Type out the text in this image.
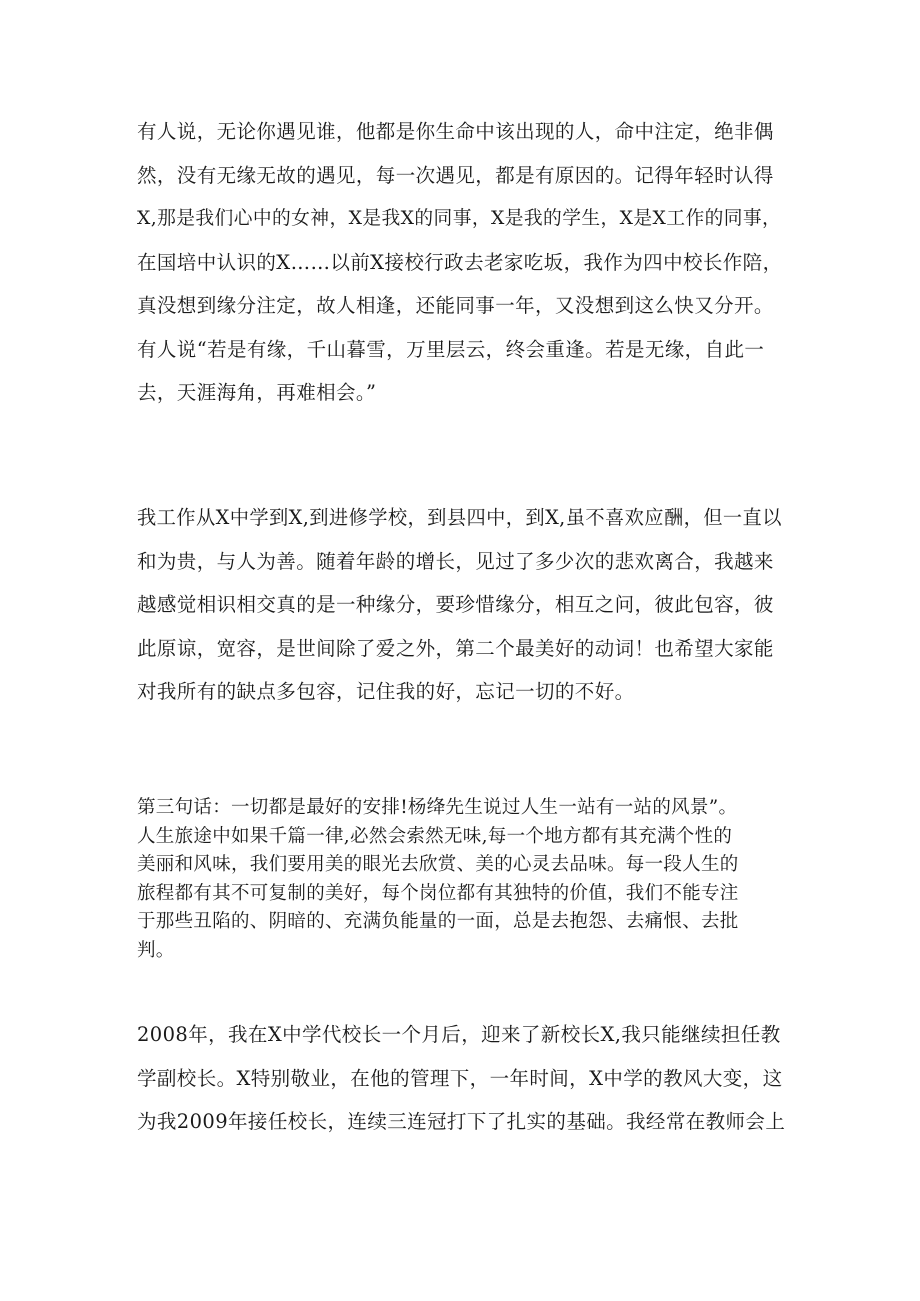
有人说，无论你遇见谁，他都是你生命中该出现的人，命中注定，绝非偶
然，没有无缘无故的遇见，每一次遇见，都是有原因的。记得年轻时认得
X,那是我们心中的女神，X是我X的同事，X是我的学生，X是X工作的同事，
在国培中认识的X……以前X接校行政去老家吃坂，我作为四中校长作陪，
真没想到缘分注定，故人相逢，还能同事一年，又没想到这么快又分开。
有人说“若是有缘，千山暮雪，万里层云，终会重逢。若是无缘，自此一
去，天涯海角，再难相会。”

我工作从X中学到X,到进修学校，到县四中，到X,虽不喜欢应酬，但一直以
和为贵，与人为善。随着年龄的增长，见过了多少次的悲欢离合，我越来
越感觉相识相交真的是一种缘分，要珍惜缘分，相互之问，彼此包容，彼
此原谅，宽容，是世间除了爱之外，第二个最美好的动词！也希望大家能
对我所有的缺点多包容，记住我的好，忘记一切的不好。

第三句话：一切都是最好的安排!杨绛先生说过人生一站有一站的风景”。
人生旅途中如果千篇一律,必然会索然无味,每一个地方都有其充满个性的
美丽和风味，我们要用美的眼光去欣赏、美的心灵去品味。每一段人生的
旅程都有其不可复制的美好，每个岗位都有其独特的价值，我们不能专注
于那些丑陷的、阴暗的、充满负能量的一面，总是去抱怨、去痛恨、去批
判。

2008年，我在X中学代校长一个月后，迎来了新校长X,我只能继续担任教
学副校长。X特别敬业，在他的管理下，一年时间，X中学的教风大变，这
为我2009年接任校长，连续三连冠打下了扎实的基础。我经常在教师会上
